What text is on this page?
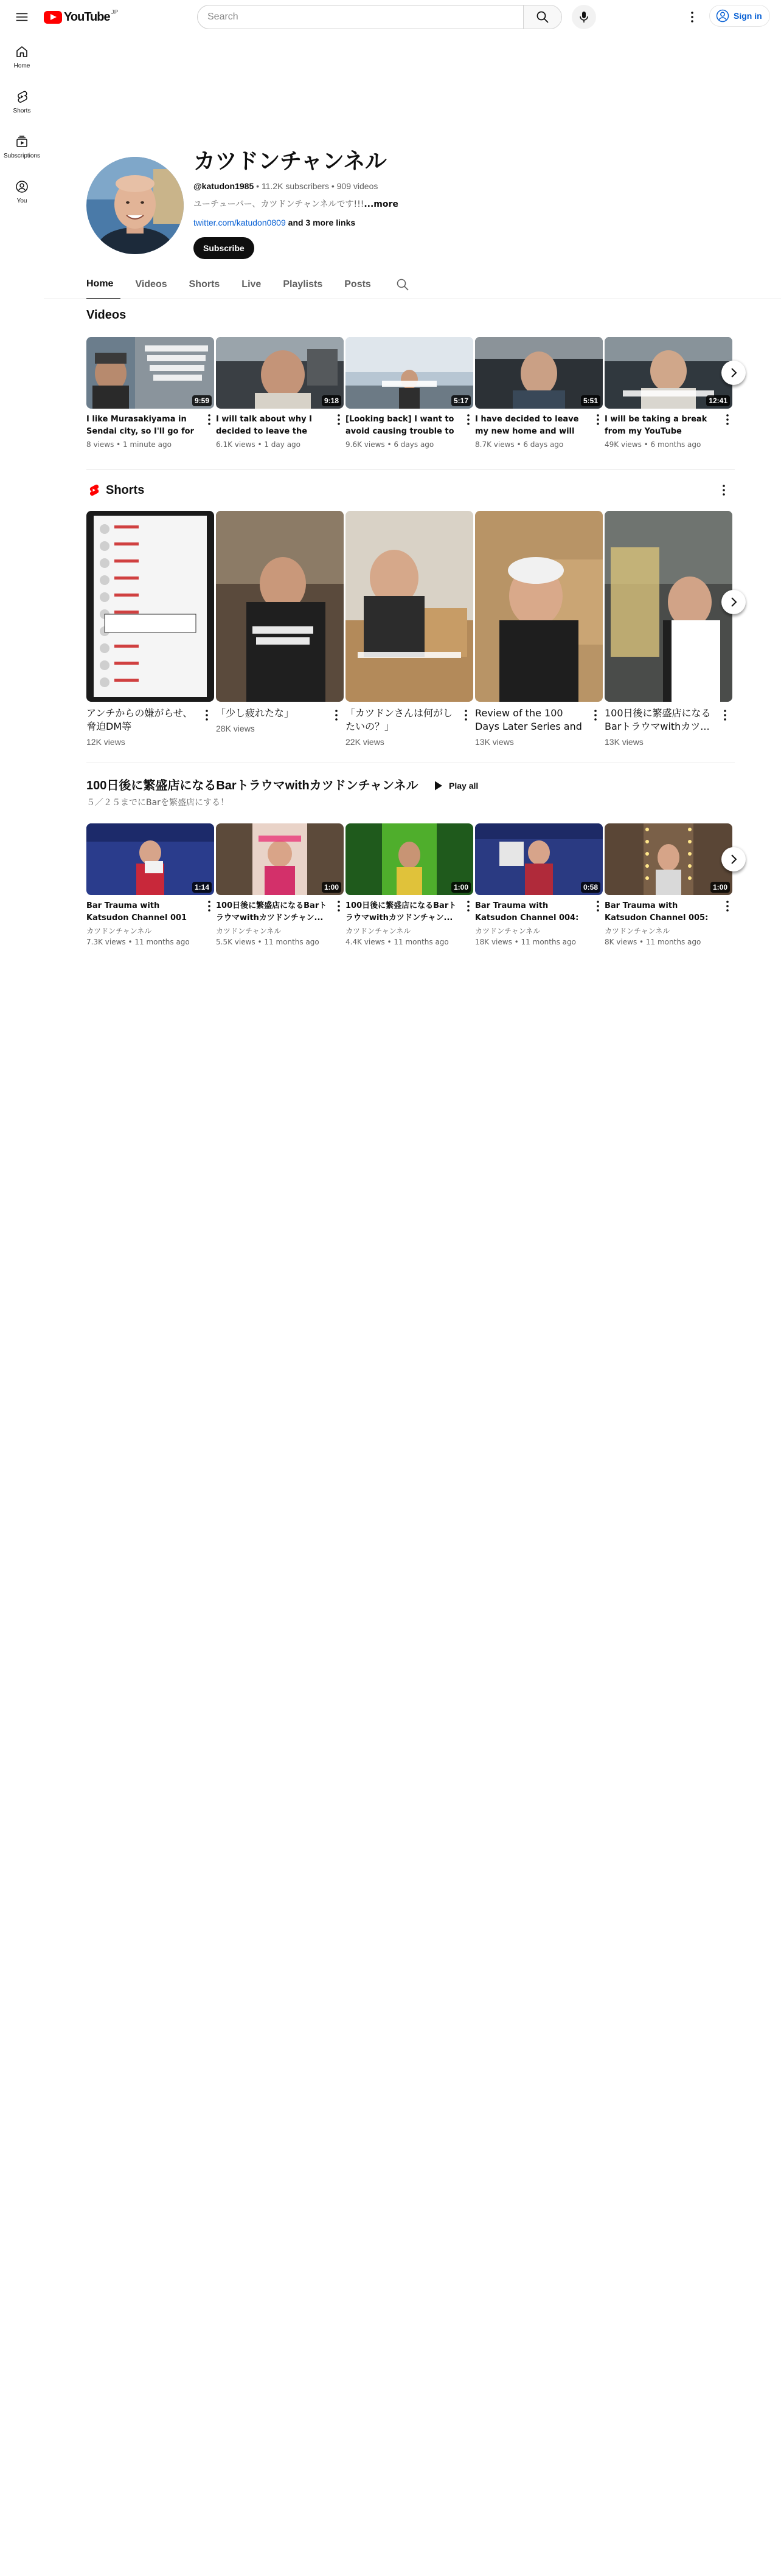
YouTube JP
Search	Sign in
Home
Shorts
Subscriptions
You
カツドンチャンネル
@katudon1985 • 11.2K subscribers • 909 videos
ユーチューバー、カツドンチャンネルです!!!...more
twitter.com/katudon0809 and 3 more links
Subscribe
Home	Videos	Shorts	Live	Playlists	Posts
Videos
9:59
I like Murasakiyama in Sendai city, so I'll go for
8 views • 1 minute ago
9:18
I will talk about why I decided to leave the
6.1K views • 1 day ago
5:17
[Looking back] I want to avoid causing trouble to
9.6K views • 6 days ago
5:51
I have decided to leave my new home and will
8.7K views • 6 days ago
12:41
I will be taking a break from my YouTube
49K views • 6 months ago
Shorts
アンチからの嫌がらせ、脅迫DM等
12K views
「少し疲れたな」
28K views
「カツドンさんは何がしたいの？」
22K views
Review of the 100 Days Later Series and
13K views
100日後に繁盛店になるBarトラウマwithカツ...
13K views
100日後に繁盛店になるBarトラウマwithカツドンチャンネル	Play all
５／２５までにBarを繁盛店にする！
1:14
Bar Trauma with Katsudon Channel 001
カツドンチャンネル
7.3K views • 11 months ago
1:00
100日後に繁盛店になるBarトラウマwithカツドンチャン...
カツドンチャンネル
5.5K views • 11 months ago
1:00
100日後に繁盛店になるBarトラウマwithカツドンチャン...
カツドンチャンネル
4.4K views • 11 months ago
0:58
Bar Trauma with Katsudon Channel 004:
カツドンチャンネル
18K views • 11 months ago
1:00
Bar Trauma with Katsudon Channel 005:
カツドンチャンネル
8K views • 11 months ago
